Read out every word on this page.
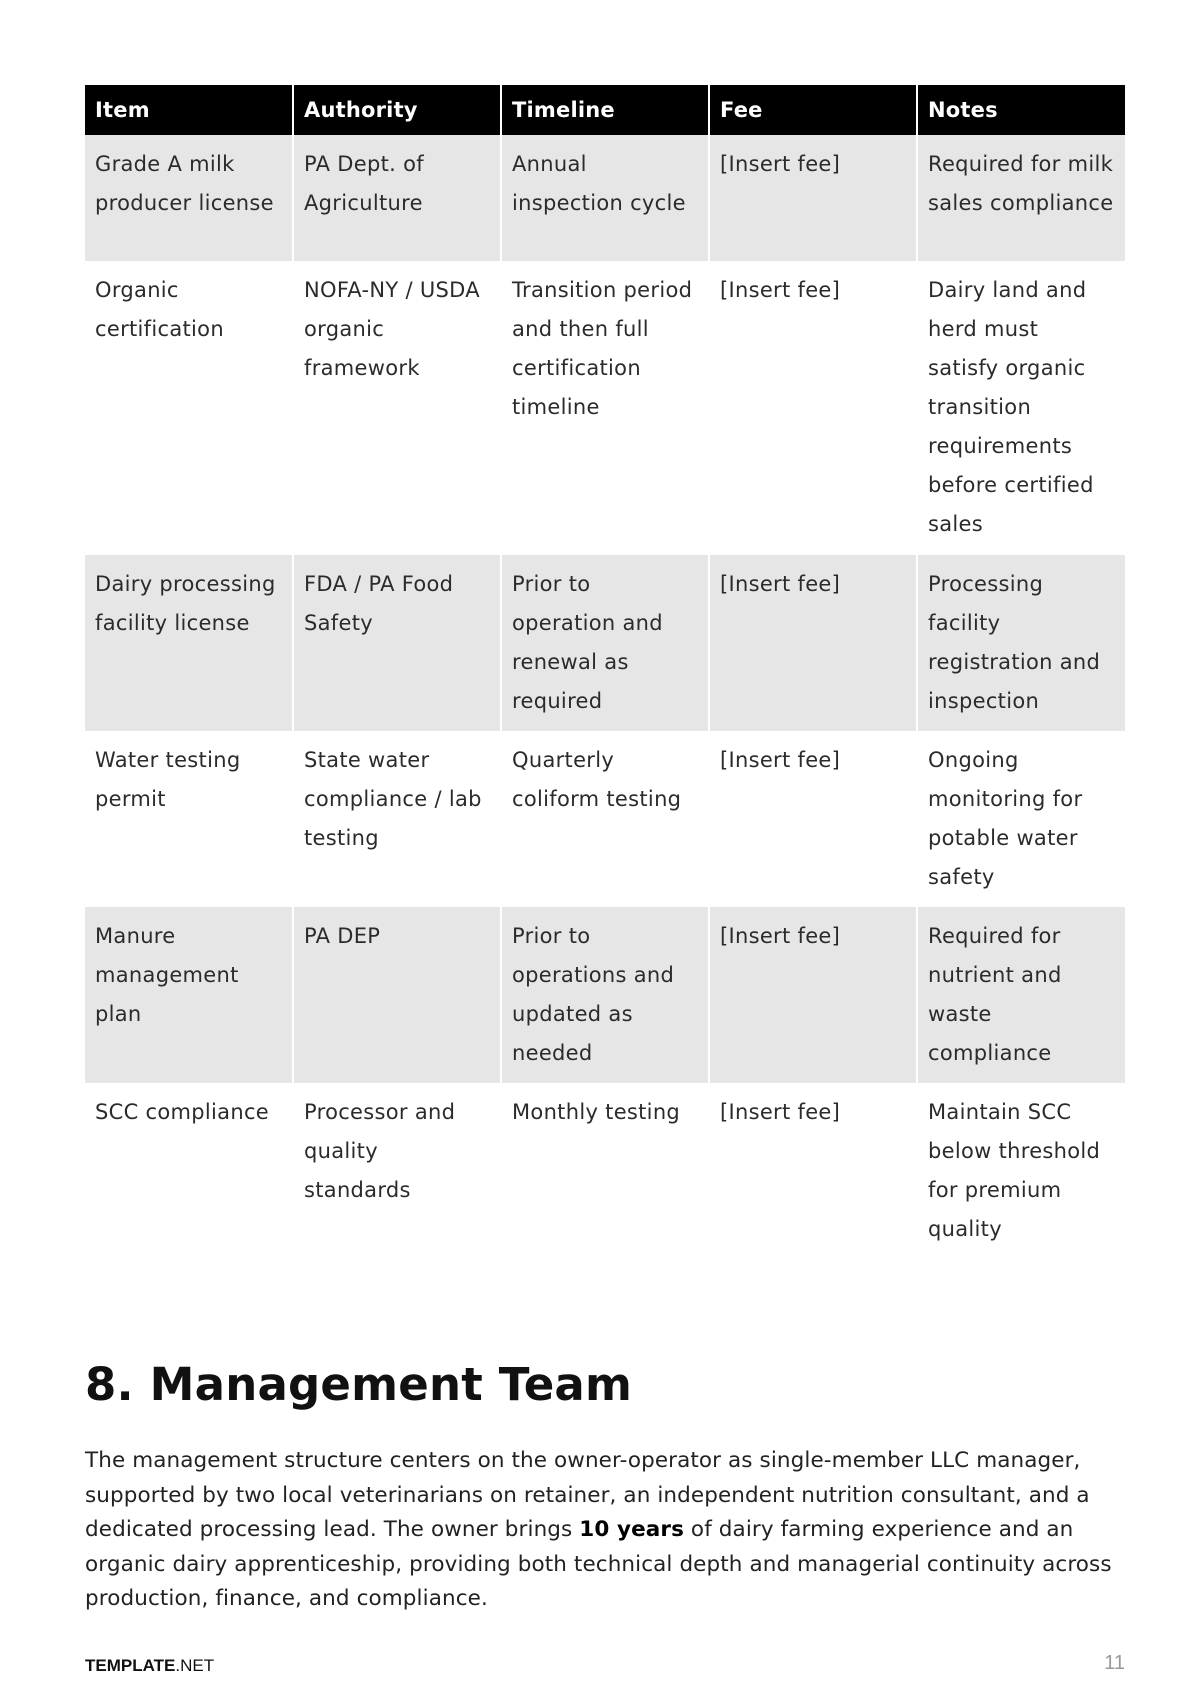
Item	Authority	Timeline	Fee	Notes
Grade A milk producer license	PA Dept. of Agriculture	Annual inspection cycle	[Insert fee]	Required for milk sales compliance
Organic certification	NOFA-NY / USDA organic framework	Transition period and then full certification timeline	[Insert fee]	Dairy land and herd must satisfy organic transition requirements before certified sales
Dairy processing facility license	FDA / PA Food Safety	Prior to operation and renewal as required	[Insert fee]	Processing facility registration and inspection
Water testing permit	State water compliance / lab testing	Quarterly coliform testing	[Insert fee]	Ongoing monitoring for potable water safety
Manure management plan	PA DEP	Prior to operations and updated as needed	[Insert fee]	Required for nutrient and waste compliance
SCC compliance	Processor and quality standards	Monthly testing	[Insert fee]	Maintain SCC below threshold for premium quality
8. Management Team

The management structure centers on the owner-operator as single-member LLC manager, supported by two local veterinarians on retainer, an independent nutrition consultant, and a dedicated processing lead. The owner brings 10 years of dairy farming experience and an organic dairy apprenticeship, providing both technical depth and managerial continuity across production, finance, and compliance.

TEMPLATE.NET	11
